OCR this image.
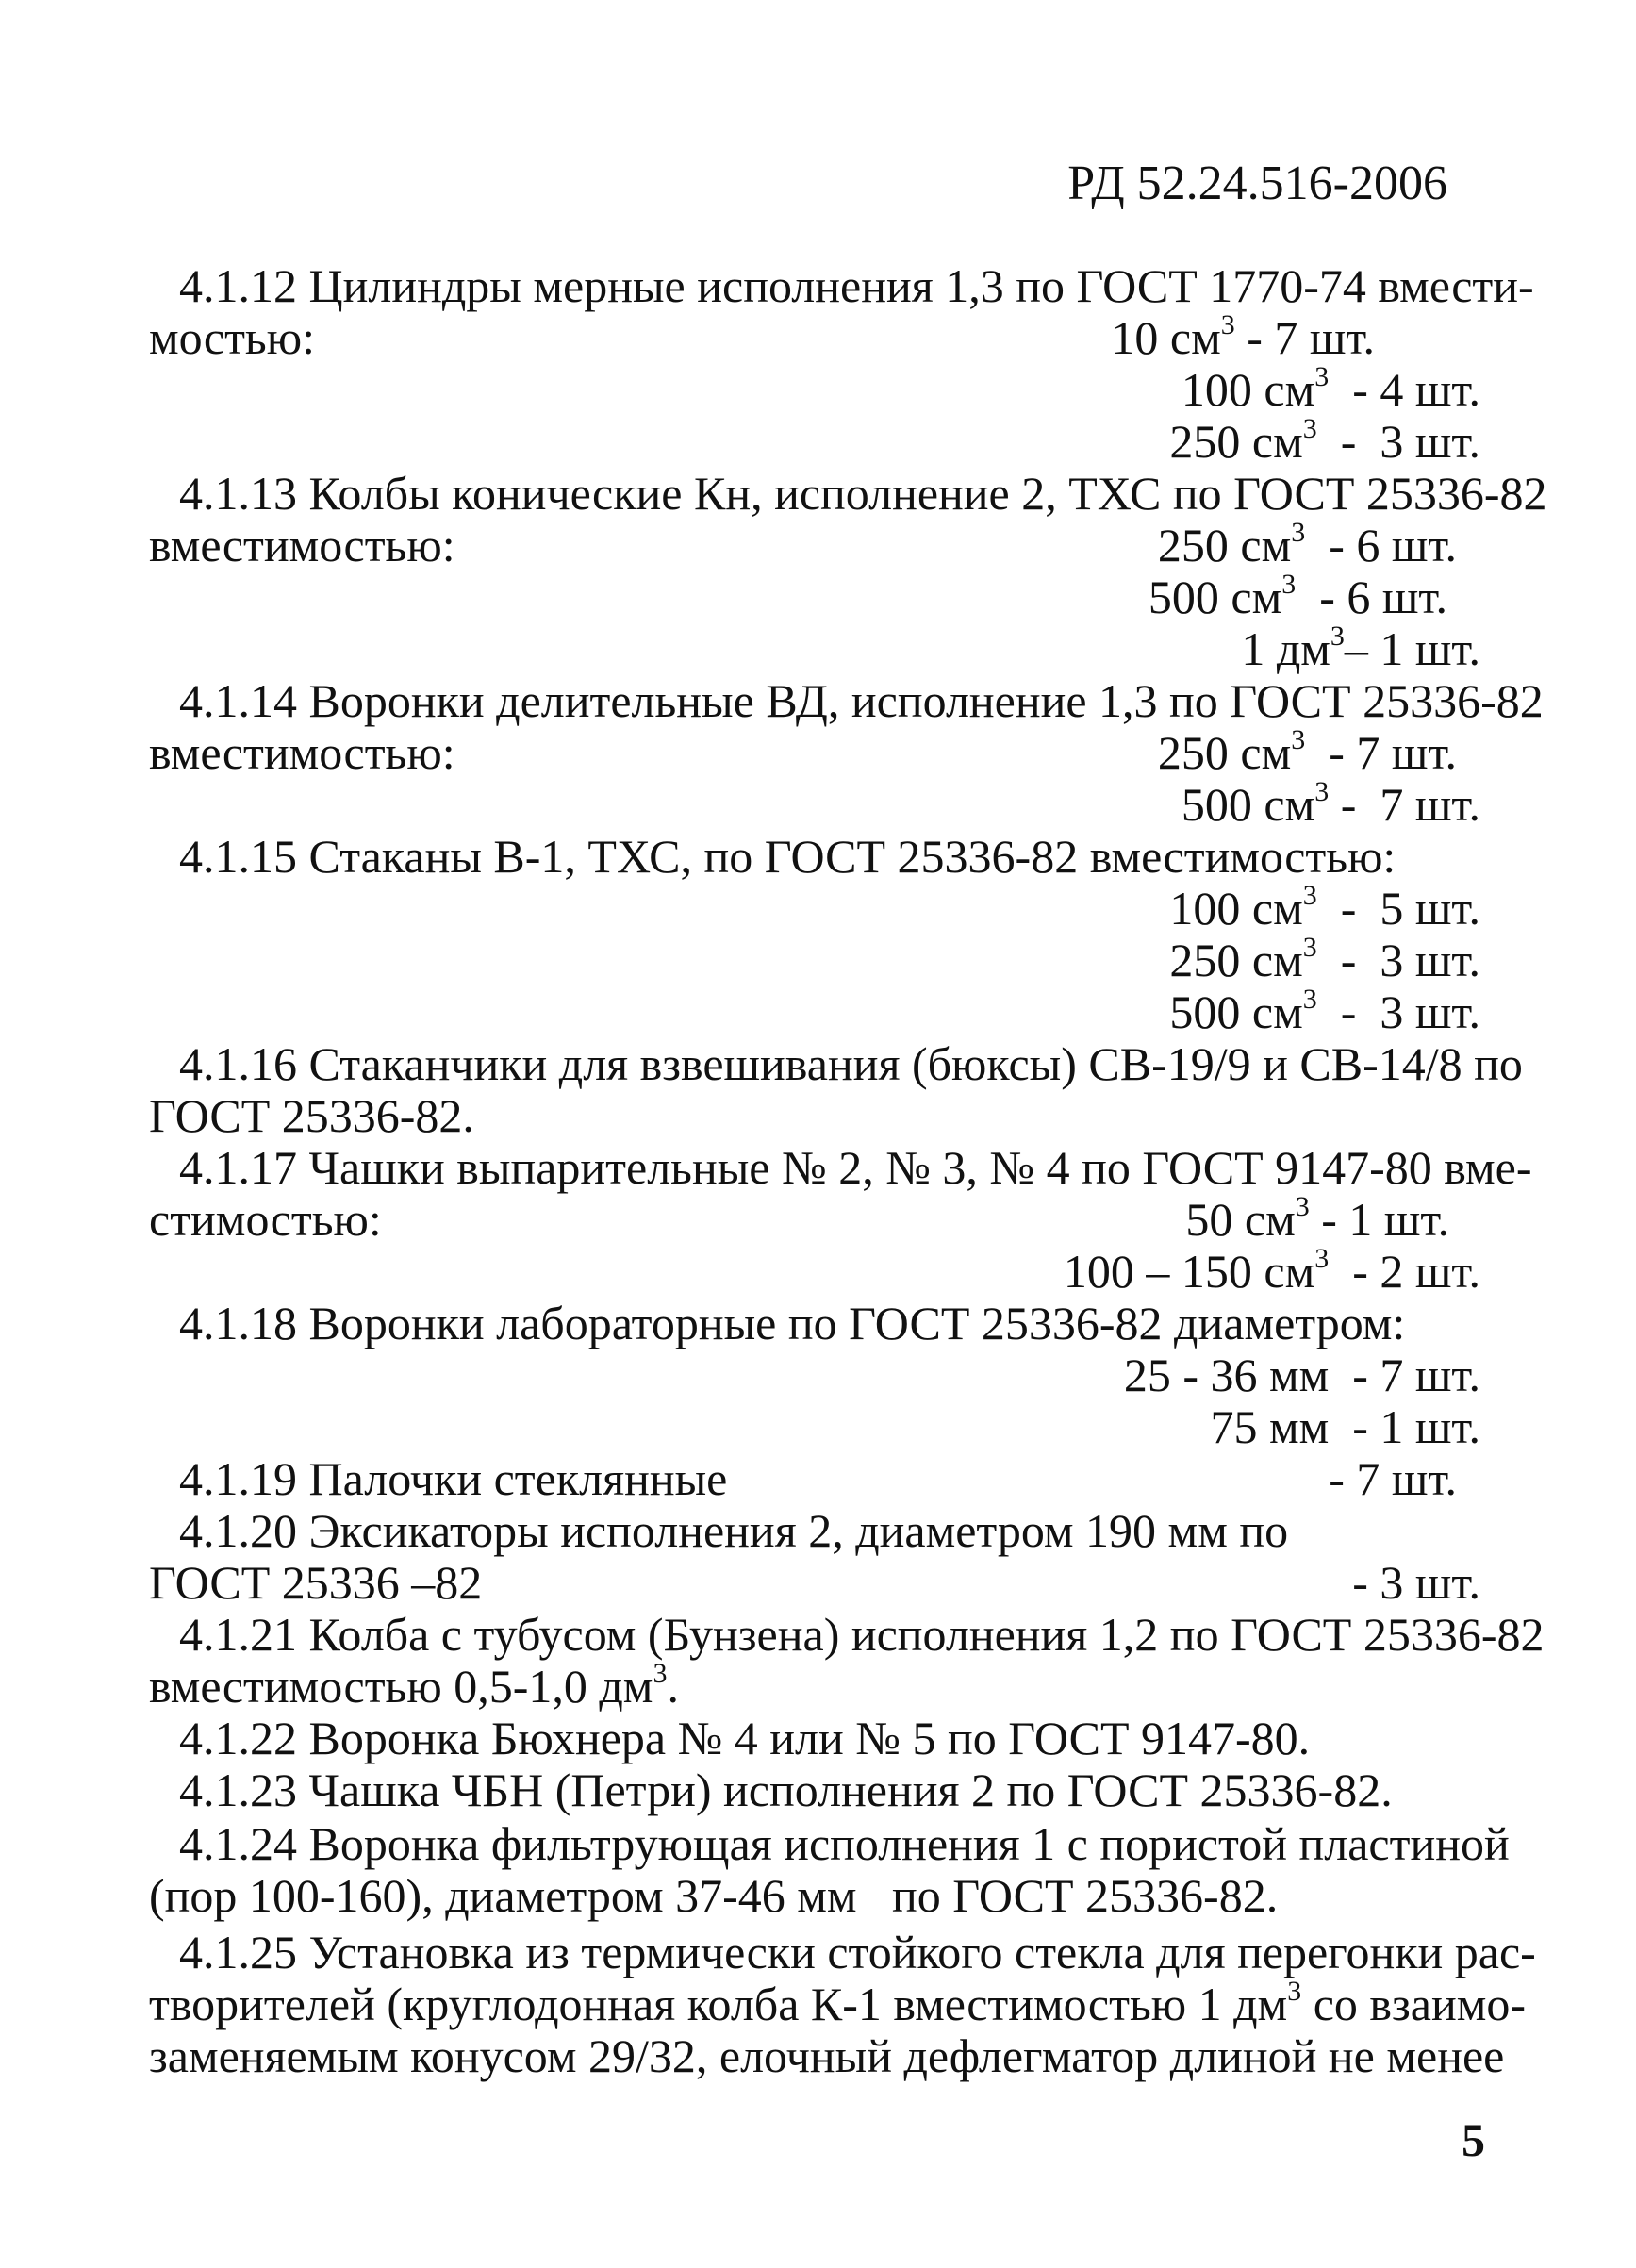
РД 52.24.516-2006
4.1.12 Цилиндры мерные исполнения 1,3 по ГОСТ 1770-74 вмести-
мостью:	10 $см^3 - 7$ шт.
100 $см^3 - 4$ шт.
250 $см^3 - 3$ шт.
4.1.13 Колбы конические Кн, исполнение 2, ТХС по ГОСТ 25336-82
вместимостью:	250 $см^3 - 6$ шт.
500 $см^3 - 6$ шт.
1 $дм^3-$ 1 шт.
4.1.14 Воронки делительные ВД, исполнение 1,3 по ГОСТ 25336-82
вместимостью:	250 $см^3 - 7$ шт.
500 $см^3 - 7$ шт.
4.1.15 Стаканы В-1, ТХС, по ГОСТ 25336-82 вместимостью:
100 $см^3 - 5$ шт.
250 $см^3 - 3$ шт.
500 $см^3 - 3$ шт.
4.1.16 Стаканчики для взвешивания (бюксы) СВ-19/9 и СВ-14/8 по
ГОСТ 25336-82.
4.1.17 Чашки выпарительные № 2, № 3, № 4 по ГОСТ 9147-80 вме-
стимостью:	50 $см^3 - 1$ шт.
100 – 150 $см^3 - 2$ шт.
4.1.18 Воронки лабораторные по ГОСТ 25336-82 диаметром:
25 - 36 мм  - 7 шт.
75 мм  - 1 шт.
4.1.19 Палочки стеклянные	- 7 шт.
4.1.20 Эксикаторы исполнения 2, диаметром 190 мм по
ГОСТ 25336 –82	- 3 шт.
4.1.21 Колба с тубусом (Бунзена) исполнения 1,2 по ГОСТ 25336-82
вместимостью 0,5-1,0 $дм^3$.
4.1.22 Воронка Бюхнера № 4 или № 5 по ГОСТ 9147-80.
4.1.23 Чашка ЧБН (Петри) исполнения 2 по ГОСТ 25336-82.
4.1.24 Воронка фильтрующая исполнения 1 с пористой пластиной
(пор 100-160), диаметром 37-46 мм   по ГОСТ 25336-82.
4.1.25 Установка из термически стойкого стекла для перегонки рас-
творителей (круглодонная колба К-1 вместимостью 1 $дм^3$ со взаимо-
заменяемым конусом 29/32, елочный дефлегматор длиной не менее
5
